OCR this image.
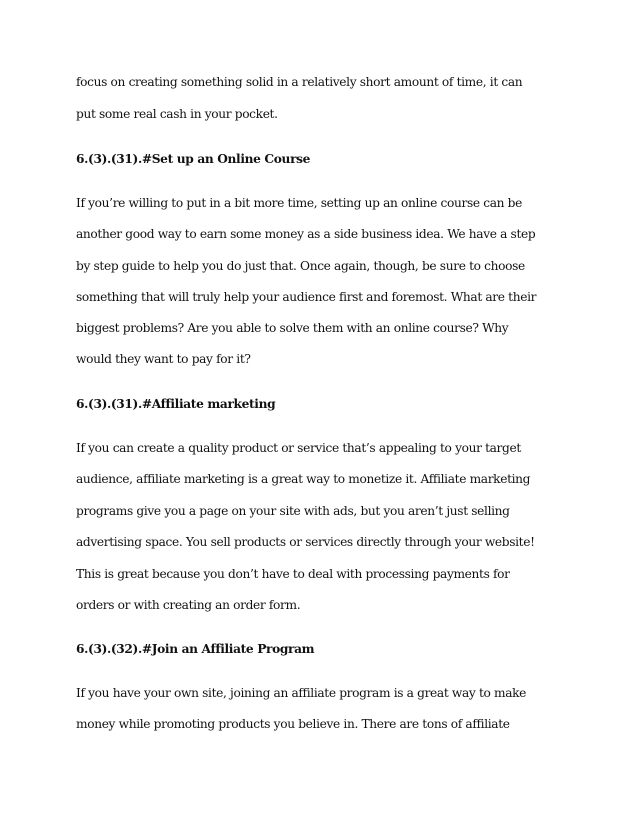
focus on creating something solid in a relatively short amount of time, it can

put some real cash in your pocket.

6.(3).(31).#Set up an Online Course

If you’re willing to put in a bit more time, setting up an online course can be

another good way to earn some money as a side business idea. We have a step

by step guide to help you do just that. Once again, though, be sure to choose

something that will truly help your audience first and foremost. What are their

biggest problems? Are you able to solve them with an online course? Why

would they want to pay for it?

6.(3).(31).#Affiliate marketing

If you can create a quality product or service that’s appealing to your target

audience, affiliate marketing is a great way to monetize it. Affiliate marketing

programs give you a page on your site with ads, but you aren’t just selling

advertising space. You sell products or services directly through your website!

This is great because you don’t have to deal with processing payments for

orders or with creating an order form.

6.(3).(32).#Join an Affiliate Program

If you have your own site, joining an affiliate program is a great way to make

money while promoting products you believe in. There are tons of affiliate
